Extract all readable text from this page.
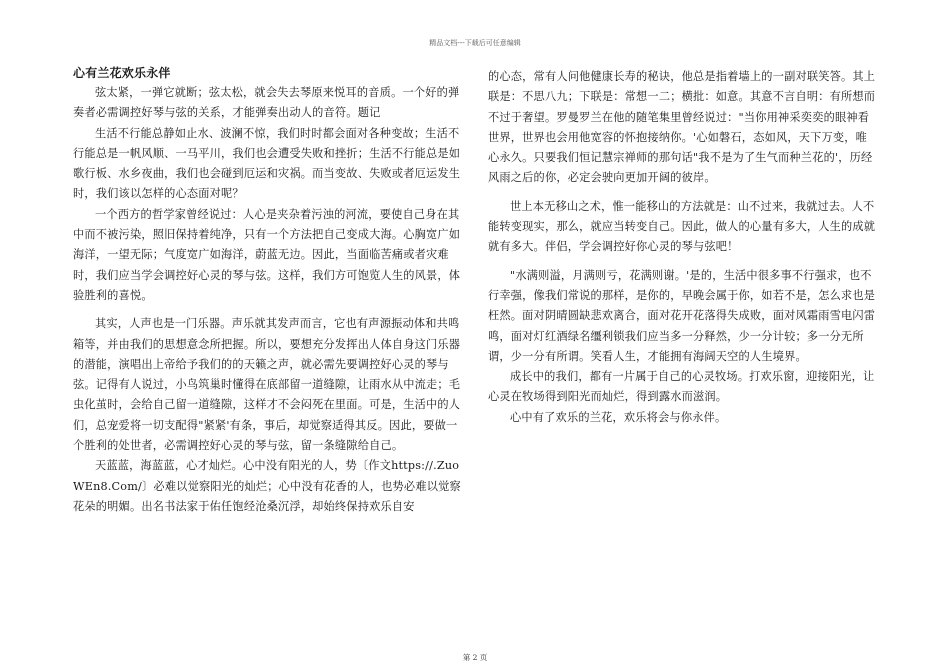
精品文档---下载后可任意编辑

心有兰花欢乐永伴

弦太紧，一弹它就断；弦太松，就会失去琴原来悦耳的音质。一个好的弹奏者必需调控好琴与弦的关系，才能弹奏出动人的音符。题记

生活不行能总静如止水、波澜不惊，我们时时都会面对各种变故；生活不行能总是一帆风顺、一马平川，我们也会遭受失败和挫折；生活不行能总是如歌行板、水乡夜曲，我们也会碰到厄运和灾祸。而当变故、失败或者厄运发生时，我们该以怎样的心态面对呢？

一个西方的哲学家曾经说过：人心是夹杂着污浊的河流，要使自己身在其中而不被污染，照旧保持着纯净，只有一个方法把自己变成大海。心胸宽广如海洋，一望无际；气度宽广如海洋，蔚蓝无边。因此，当面临苦痛或者灾难时，我们应当学会调控好心灵的琴与弦。这样，我们方可饱览人生的风景，体验胜利的喜悦。

其实，人声也是一门乐器。声乐就其发声而言，它也有声源振动体和共鸣箱等，并由我们的思想意念所把握。所以，要想充分发挥出人体自身这门乐器的潜能，演唱出上帝给予我们的的天籁之声，就必需先要调控好心灵的琴与弦。记得有人说过，小鸟筑巢时懂得在底部留一道缝隙，让雨水从中流走；毛虫化茧时，会给自己留一道缝隙，这样才不会闷死在里面。可是，生活中的人们，总宠爱将一切支配得"紧紧'有条，事后，却觉察适得其反。因此，要做一个胜利的处世者，必需调控好心灵的琴与弦，留一条缝隙给自己。

天蓝蓝，海蓝蓝，心才灿烂。心中没有阳光的人，势〔作文https://.ZuoWEn8.Com/〕必难以觉察阳光的灿烂；心中没有花香的人，也势必难以觉察花朵的明媚。出名书法家于佑任饱经沧桑沉浮，却始终保持欢乐自安

的心态，常有人问他健康长寿的秘诀，他总是指着墙上的一副对联笑答。其上联是：不思八九；下联是：常想一二；横批：如意。其意不言自明：有所想而不过于奢望。罗曼罗兰在他的随笔集里曾经说过："当你用神采奕奕的眼神看世界，世界也会用他宽容的怀抱接纳你。'心如磐石，态如风，天下万变，唯心永久。只要我们恒记慧宗禅师的那句话"我不是为了生气而种兰花的'，历经风雨之后的你，必定会驶向更加开阔的彼岸。

世上本无移山之术，惟一能移山的方法就是：山不过来，我就过去。人不能转变现实，那么，就应当转变自己。因此，做人的心量有多大，人生的成就就有多大。伴侣，学会调控好你心灵的琴与弦吧！

"水满则溢，月满则亏，花满则谢。'是的，生活中很多事不行强求，也不行幸强，像我们常说的那样，是你的，早晚会属于你，如若不是，怎么求也是枉然。面对阴晴圆缺悲欢离合，面对花开花落得失成败，面对风霜雨雪电闪雷鸣，面对灯红酒绿名缰利锁我们应当多一分释然，少一分计较；多一分无所谓，少一分有所谓。笑看人生，才能拥有海阔天空的人生境界。

成长中的我们，都有一片属于自己的心灵牧场。打欢乐窗，迎接阳光，让心灵在牧场得到阳光而灿烂，得到露水而滋润。

心中有了欢乐的兰花，欢乐将会与你永伴。

第 2 页
